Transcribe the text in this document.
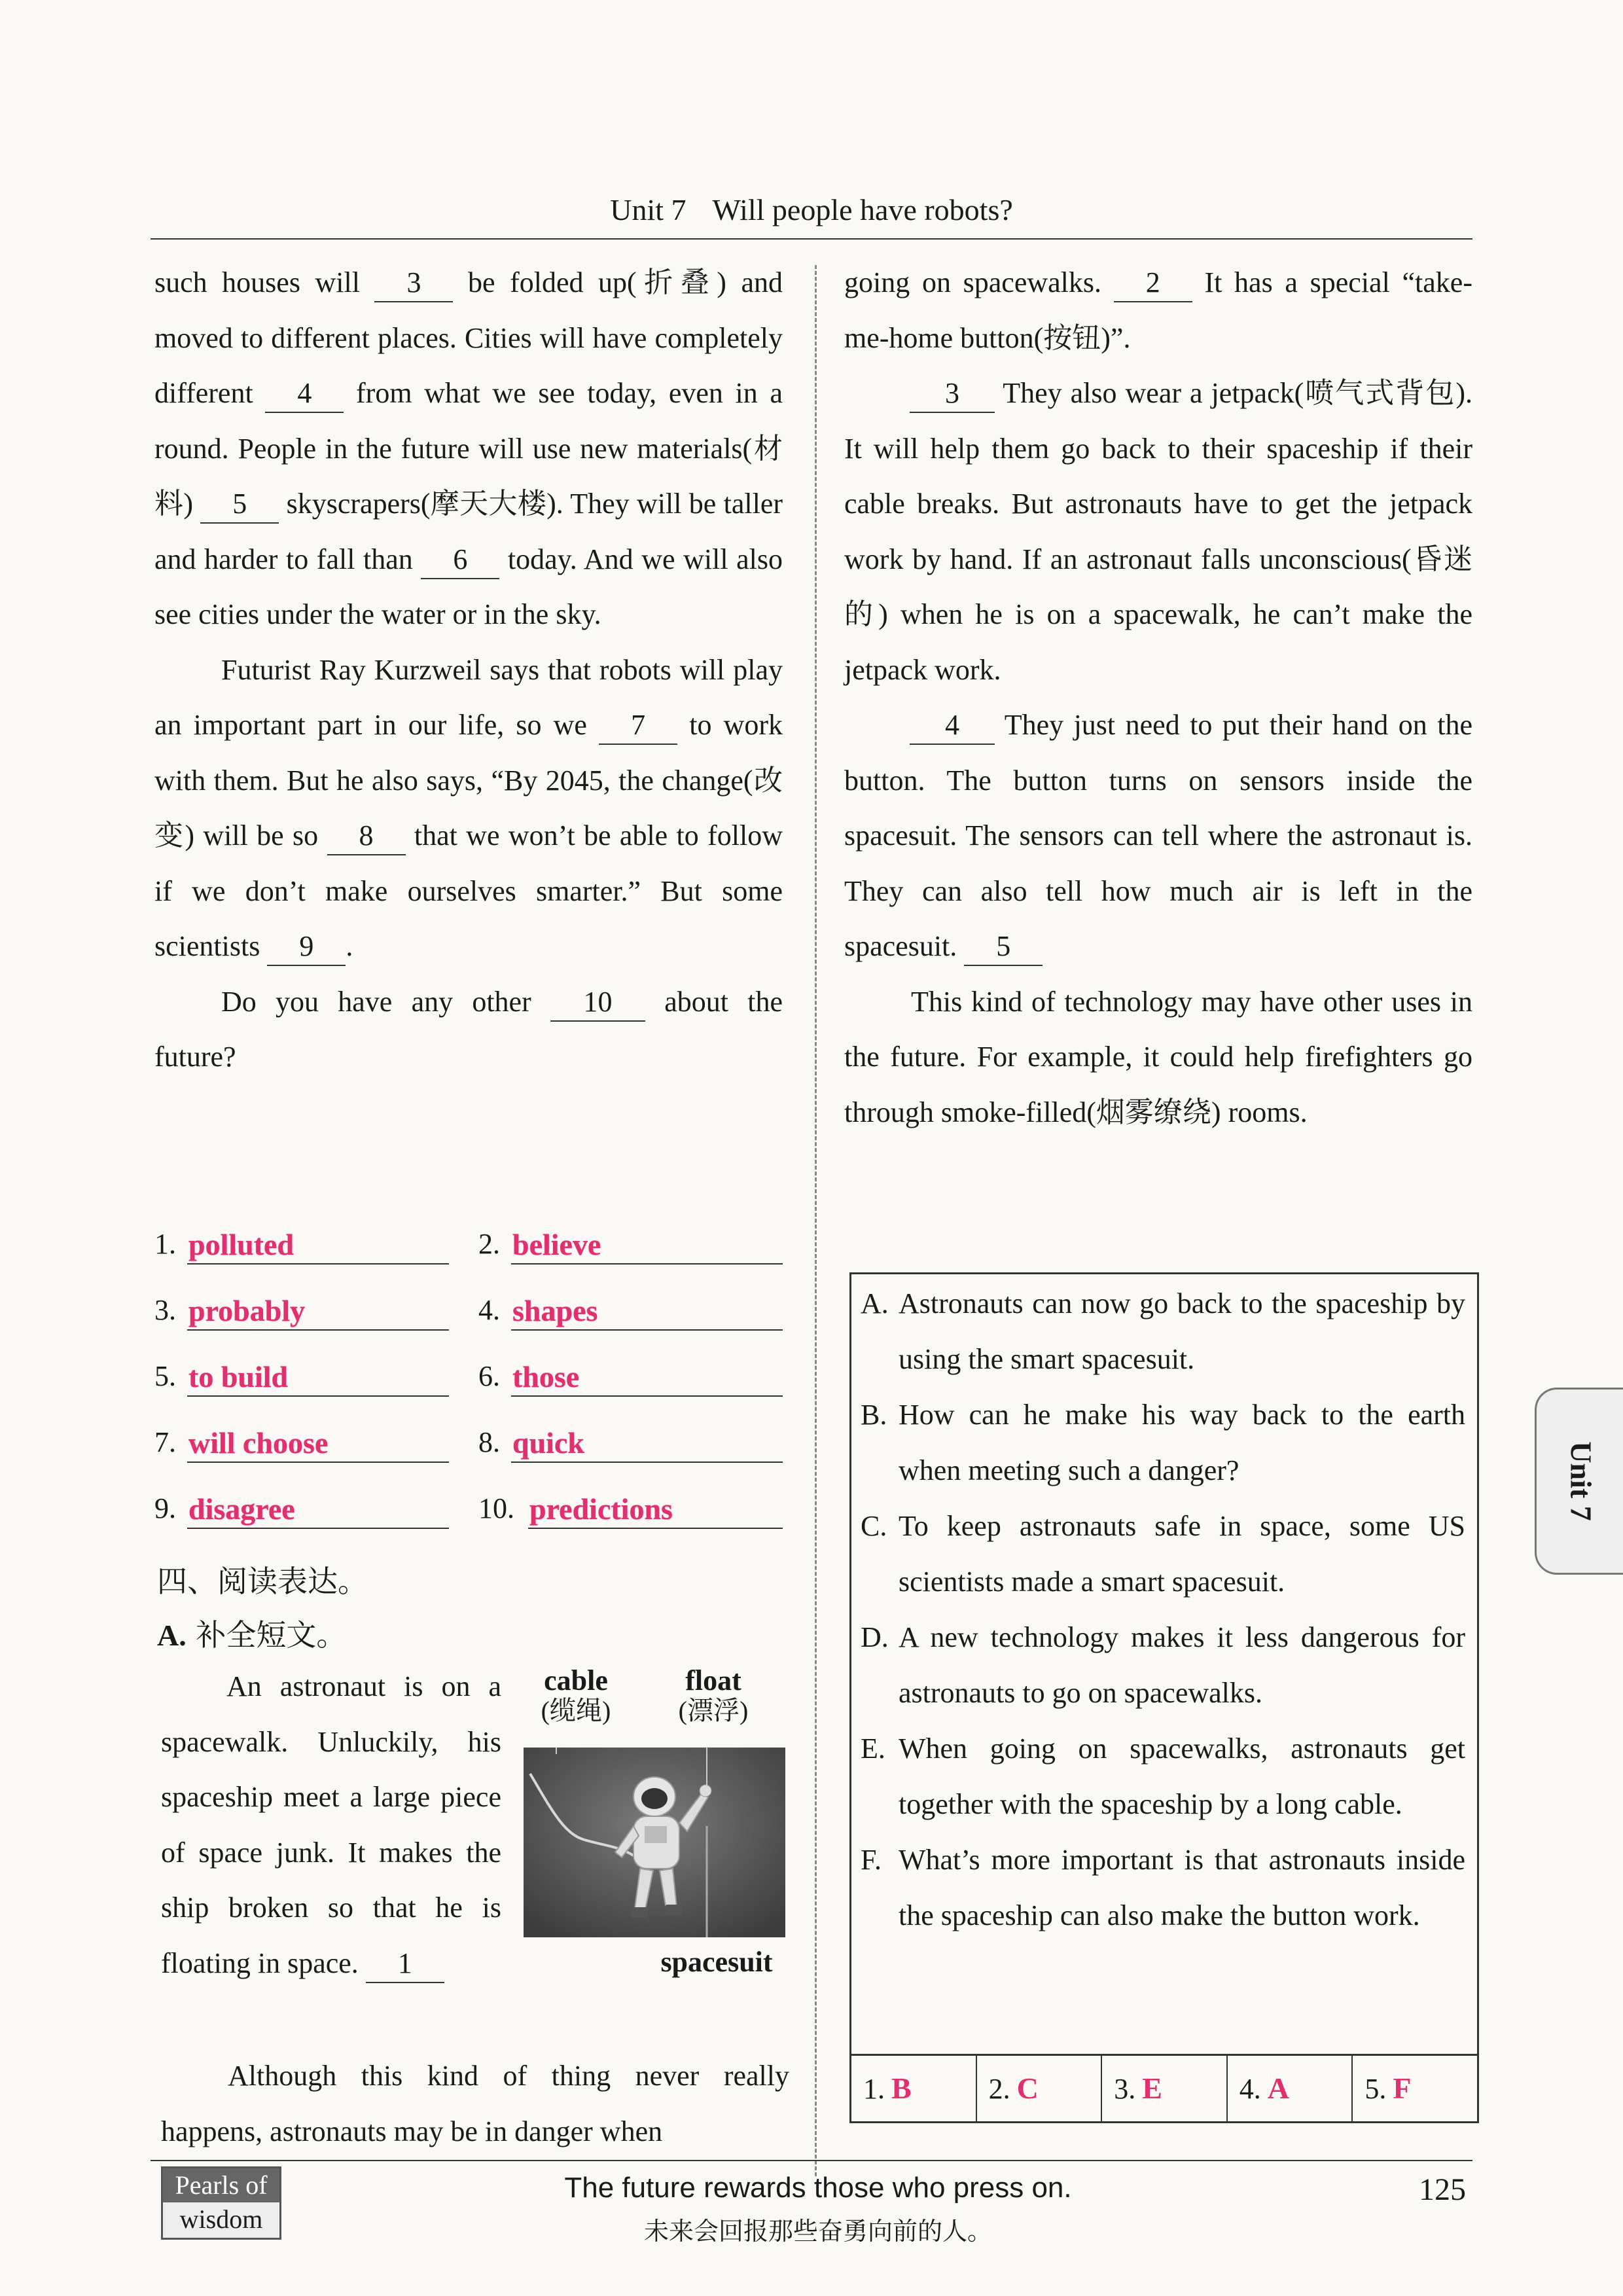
Unit 7 Will people have robots?

such houses will 3 be folded up(折叠) and moved to different places. Cities will have completely different 4 from what we see today, even in a round. People in the future will use new materials(材料) 5 skyscrapers(摩天大楼). They will be taller and harder to fall than 6 today. And we will also see cities under the water or in the sky.

Futurist Ray Kurzweil says that robots will play an important part in our life, so we 7 to work with them. But he also says, “By 2045, the change(改变) will be so 8 that we won’t be able to follow if we don’t make ourselves smarter.” But some scientists 9 .

Do you have any other 10 about the future?

1. polluted	2. believe
3. probably	4. shapes
5. to build	6. those
7. will choose	8. quick
9. disagree	10. predictions
四、阅读表达。
A. 补全短文。

An astronaut is on a spacewalk. Unluckily, his spaceship meet a large piece of space junk. It makes the ship broken so that he is floating in space. 1

Although this kind of thing never really happens, astronauts may be in danger when

cable
(缆绳)
float
(漂浮)
spacesuit

going on spacewalks. 2 It has a special “take-me-home button(按钮)”.

3 They also wear a jetpack(喷气式背包). It will help them go back to their spaceship if their cable breaks. But astronauts have to get the jetpack work by hand. If an astronaut falls unconscious(昏迷的) when he is on a spacewalk, he can’t make the jetpack work.

4 They just need to put their hand on the button. The button turns on sensors inside the spacesuit. The sensors can tell where the astronaut is. They can also tell how much air is left in the spacesuit. 5

This kind of technology may have other uses in the future. For example, it could help firefighters go through smoke-filled(烟雾缭绕) rooms.

A. Astronauts can now go back to the spaceship by using the smart spacesuit.
B. How can he make his way back to the earth when meeting such a danger?
C. To keep astronauts safe in space, some US scientists made a smart spacesuit.
D. A new technology makes it less dangerous for astronauts to go on spacewalks.
E. When going on spacewalks, astronauts get together with the spaceship by a long cable.
F. What’s more important is that astronauts inside the spaceship can also make the button work.
1. B	2. C	3. E	4. A	5. F
Unit 7
Pearls of
wisdom
The future rewards those who press on.
未来会回报那些奋勇向前的人。
125
